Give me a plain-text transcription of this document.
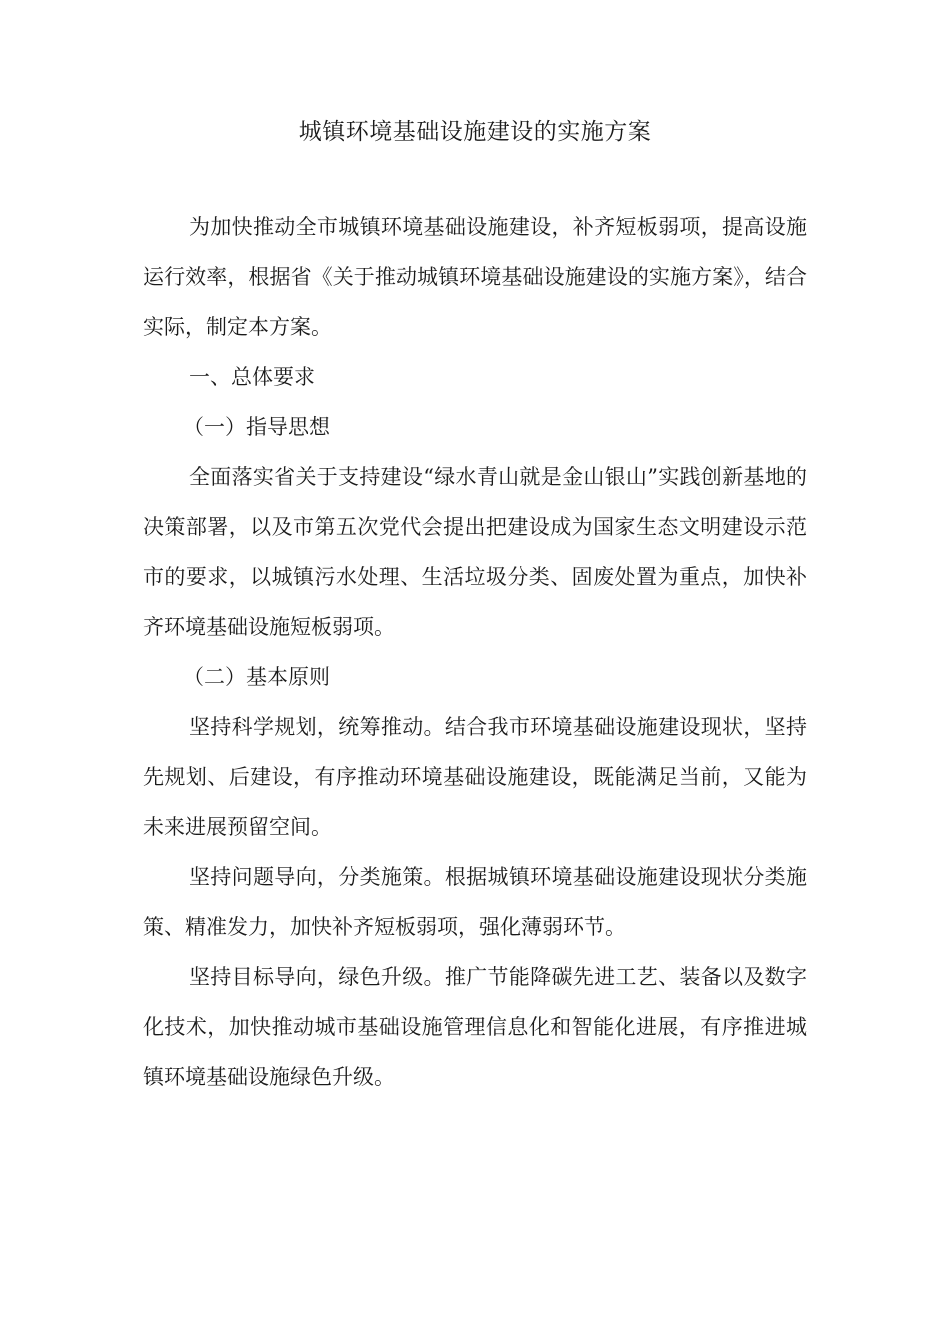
城镇环境基础设施建设的实施方案

为加快推动全市城镇环境基础设施建设，补齐短板弱项，提高设施运行效率，根据省《关于推动城镇环境基础设施建设的实施方案》，结合实际，制定本方案。

一、总体要求

（一）指导思想

全面落实省关于支持建设“绿水青山就是金山银山”实践创新基地的决策部署，以及市第五次党代会提出把建设成为国家生态文明建设示范市的要求，以城镇污水处理、生活垃圾分类、固废处置为重点，加快补齐环境基础设施短板弱项。

（二）基本原则

坚持科学规划，统筹推动。结合我市环境基础设施建设现状，坚持先规划、后建设，有序推动环境基础设施建设，既能满足当前，又能为未来进展预留空间。

坚持问题导向，分类施策。根据城镇环境基础设施建设现状分类施策、精准发力，加快补齐短板弱项，强化薄弱环节。

坚持目标导向，绿色升级。推广节能降碳先进工艺、装备以及数字化技术，加快推动城市基础设施管理信息化和智能化进展，有序推进城镇环境基础设施绿色升级。
